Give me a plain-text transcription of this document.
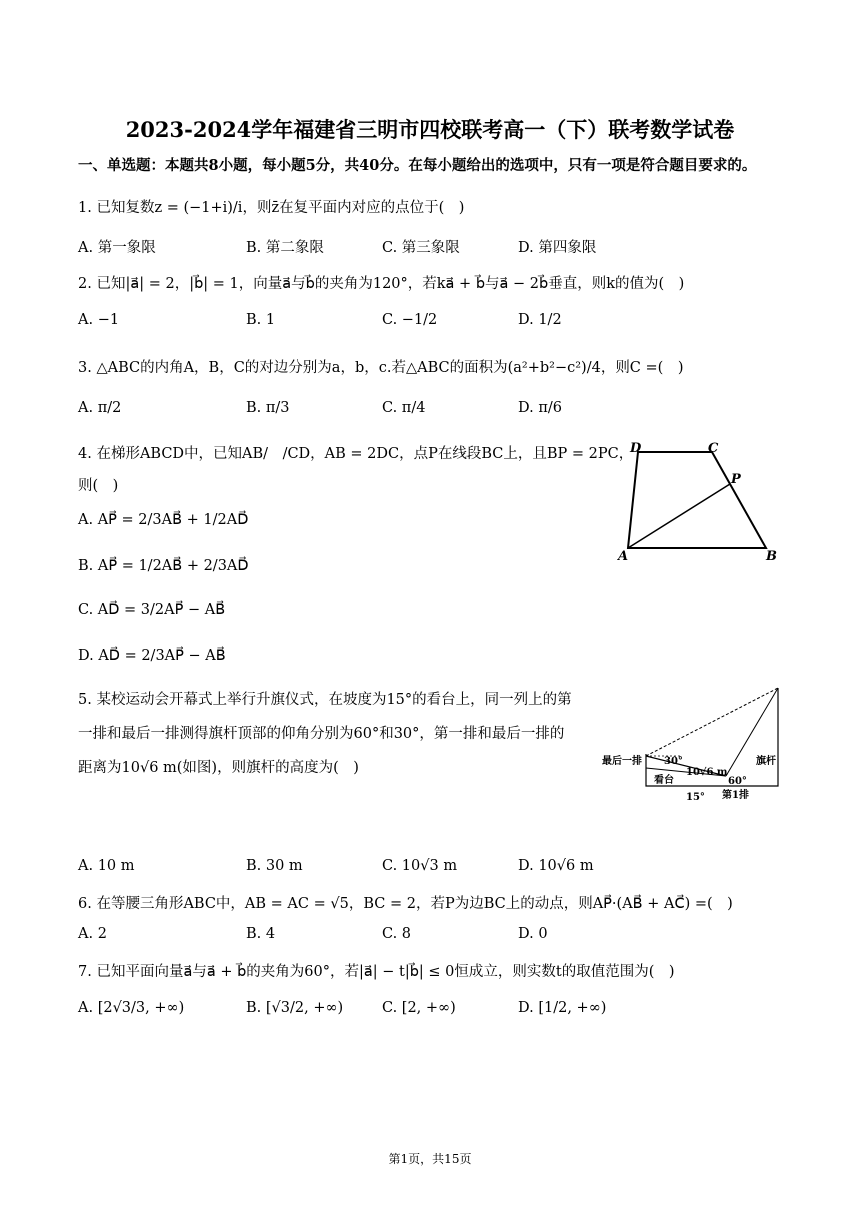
2023-2024学年福建省三明市四校联考高一（下）联考数学试卷
一、单选题：本题共8小题，每小题5分，共40分。在每小题给出的选项中，只有一项是符合题目要求的。
1. 已知复数z = (−1+i)/i，则z̄在复平面内对应的点位于(　)
A. 第一象限	B. 第二象限	C. 第三象限	D. 第四象限
2. 已知|a⃗| = 2，|b⃗| = 1，向量a⃗与b⃗的夹角为120°，若ka⃗ + b⃗与a⃗ − 2b⃗垂直，则k的值为(　)
A. −1	B. 1	C. −1/2	D. 1/2
3. △ABC的内角A，B，C的对边分别为a，b，c.若△ABC的面积为(a²+b²−c²)/4，则C =(　)
A. π/2	B. π/3	C. π/4	D. π/6
4. 在梯形ABCD中，已知AB/　/CD，AB = 2DC，点P在线段BC上，且BP = 2PC，
则(　)
A. AP⃗ = 2/3AB⃗ + 1/2AD⃗
B. AP⃗ = 1/2AB⃗ + 2/3AD⃗
C. AD⃗ = 3/2AP⃗ − AB⃗
D. AD⃗ = 2/3AP⃗ − AB⃗
D	C
P
A	B
5. 某校运动会开幕式上举行升旗仪式，在坡度为15°的看台上，同一列上的第
一排和最后一排测得旗杆顶部的仰角分别为60°和30°，第一排和最后一排的
距离为10√6 m(如图)，则旗杆的高度为(　)	最后一排 30°
10√6 m
旗杆
看台	60°
15° 第1排
A. 10 m	B. 30 m	C. 10√3 m	D. 10√6 m
6. 在等腰三角形ABC中，AB = AC = √5，BC = 2，若P为边BC上的动点，则AP⃗·(AB⃗ + AC⃗) =(　)
A. 2	B. 4	C. 8	D. 0
7. 已知平面向量a⃗与a⃗ + b⃗的夹角为60°，若|a⃗| − t|b⃗| ≤ 0恒成立，则实数t的取值范围为(　)
A. [2√3/3, +∞)	B. [√3/2, +∞)	C. [2, +∞)	D. [1/2, +∞)
第1页，共15页
